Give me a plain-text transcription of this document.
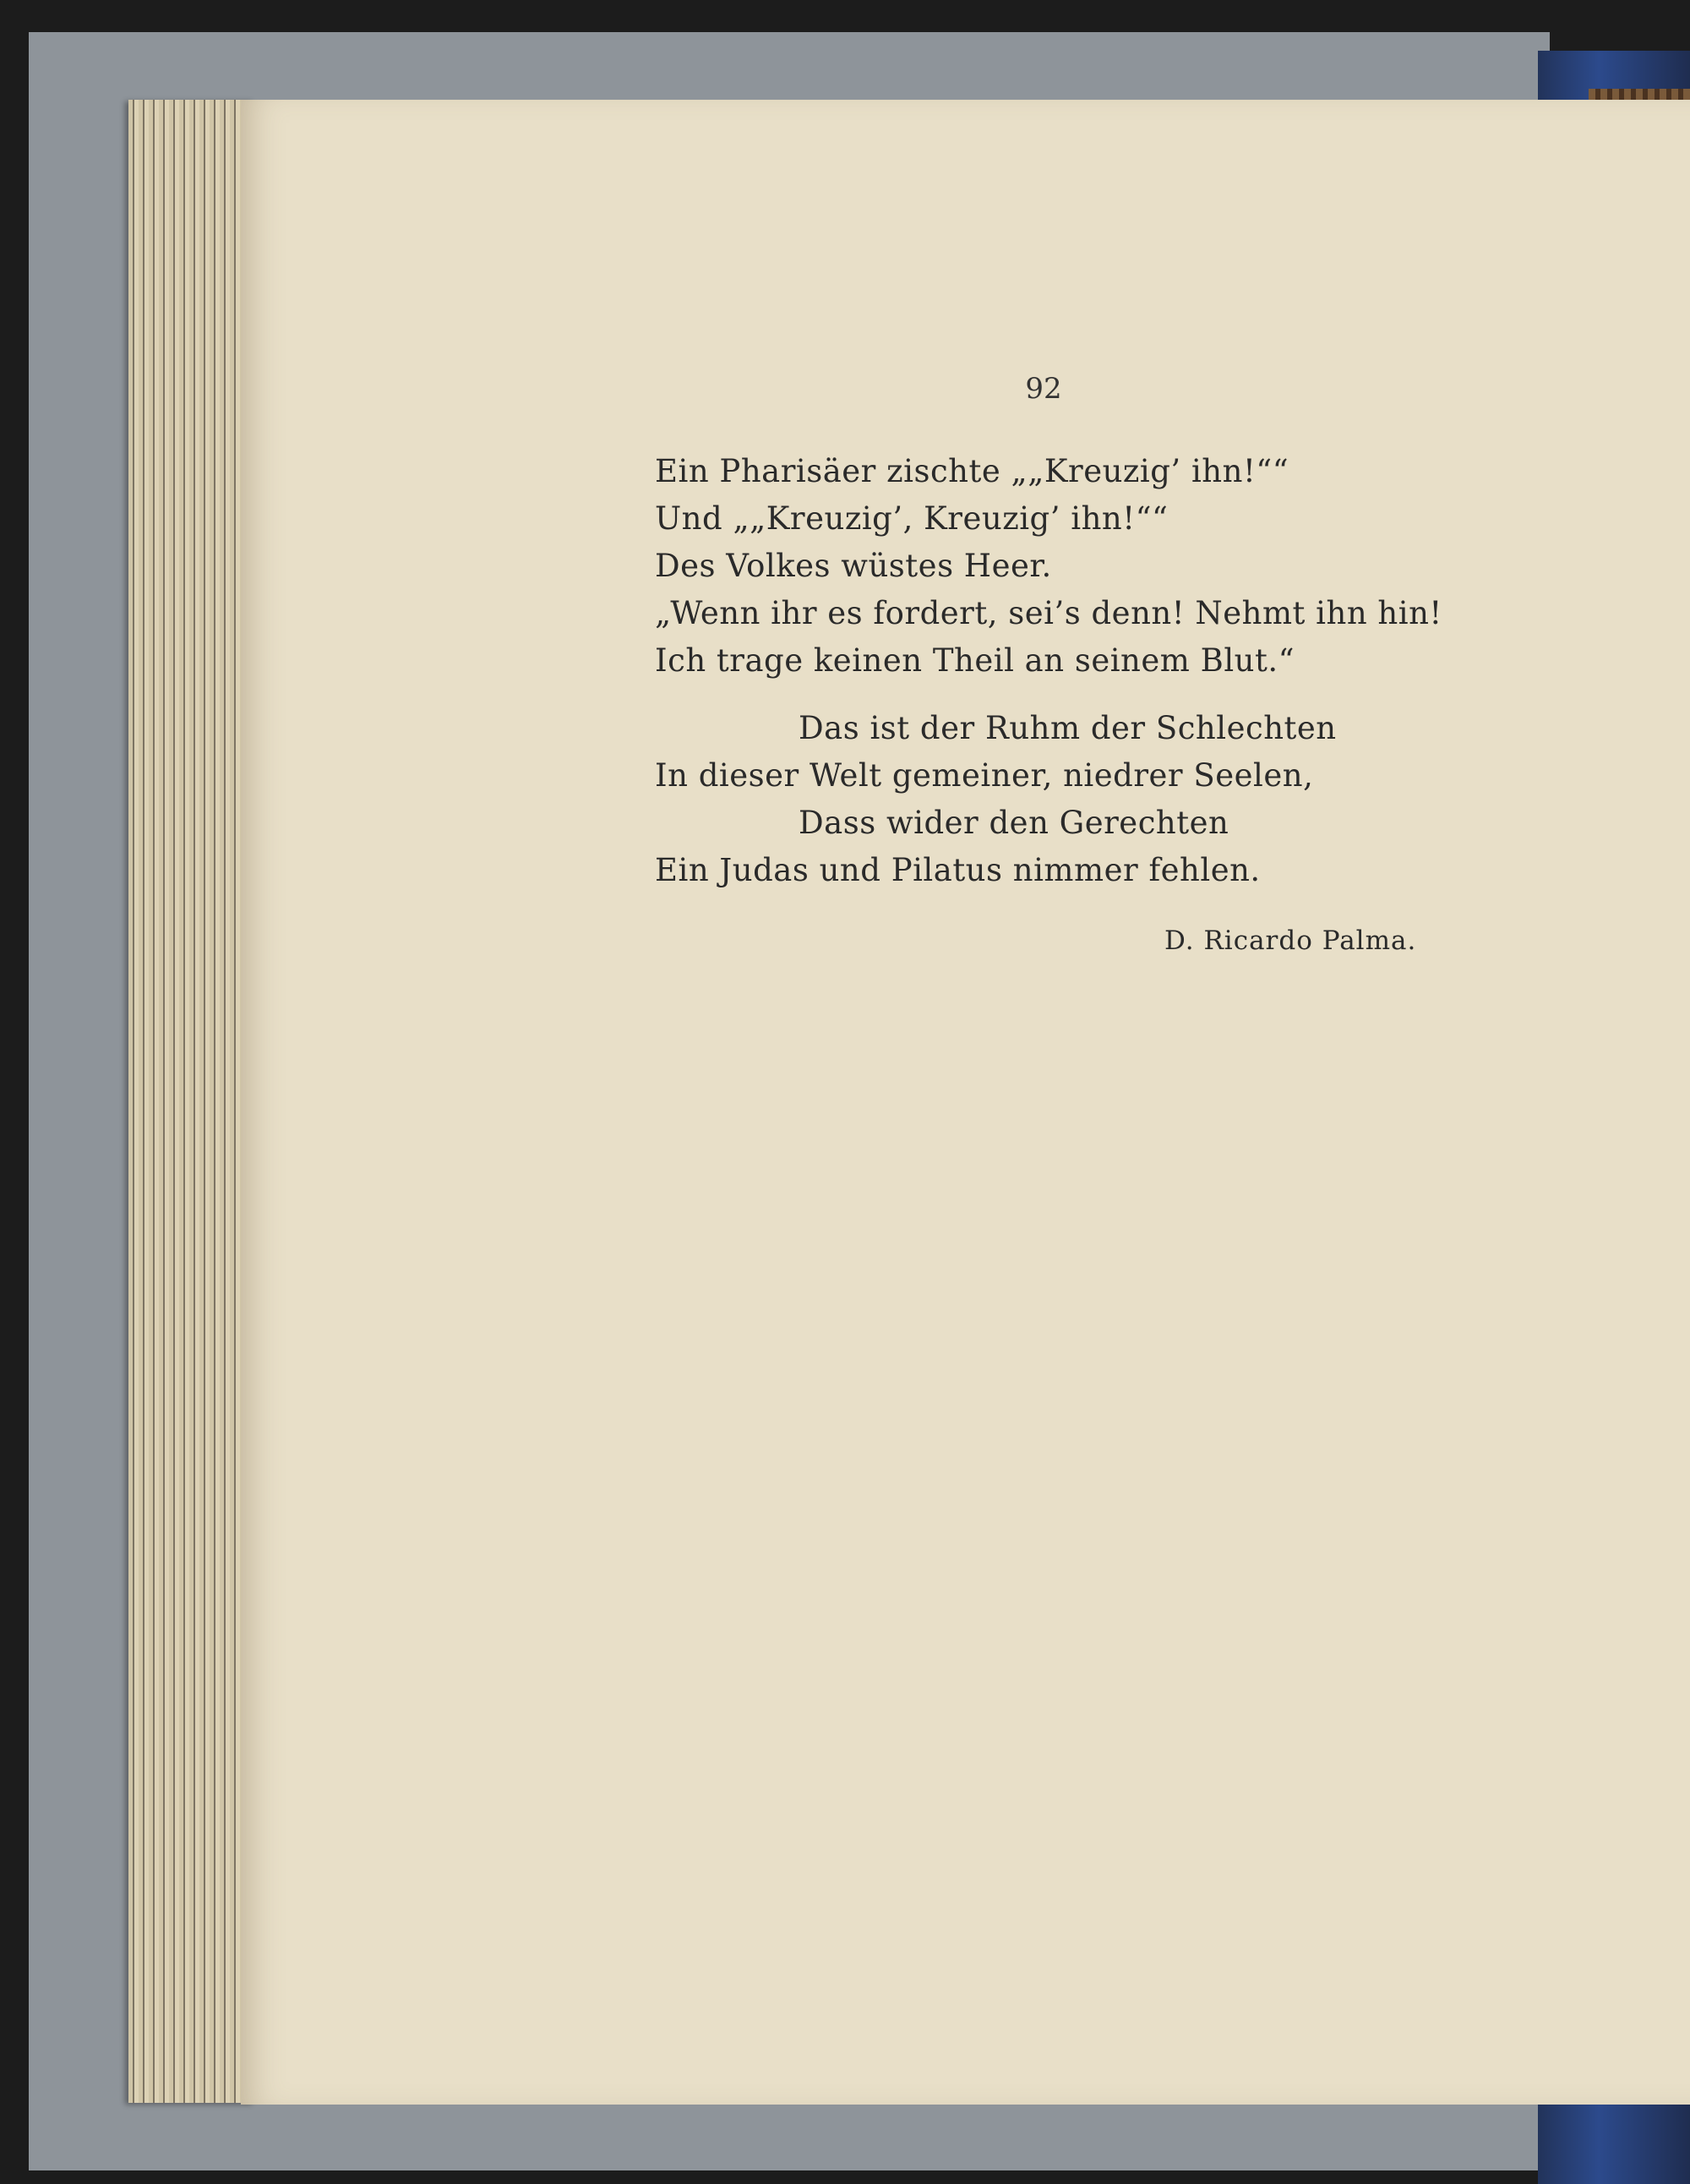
92
Ein Pharisäer zischte „„Kreuzig’ ihn!““
Und „„Kreuzig’, Kreuzig’ ihn!““
Des Volkes wüstes Heer.
„Wenn ihr es fordert, sei’s denn! Nehmt ihn hin!
Ich trage keinen Theil an seinem Blut.“
Das ist der Ruhm der Schlechten
In dieser Welt gemeiner, niedrer Seelen,
Dass wider den Gerechten
Ein Judas und Pilatus nimmer fehlen.
D. Ricardo Palma.
